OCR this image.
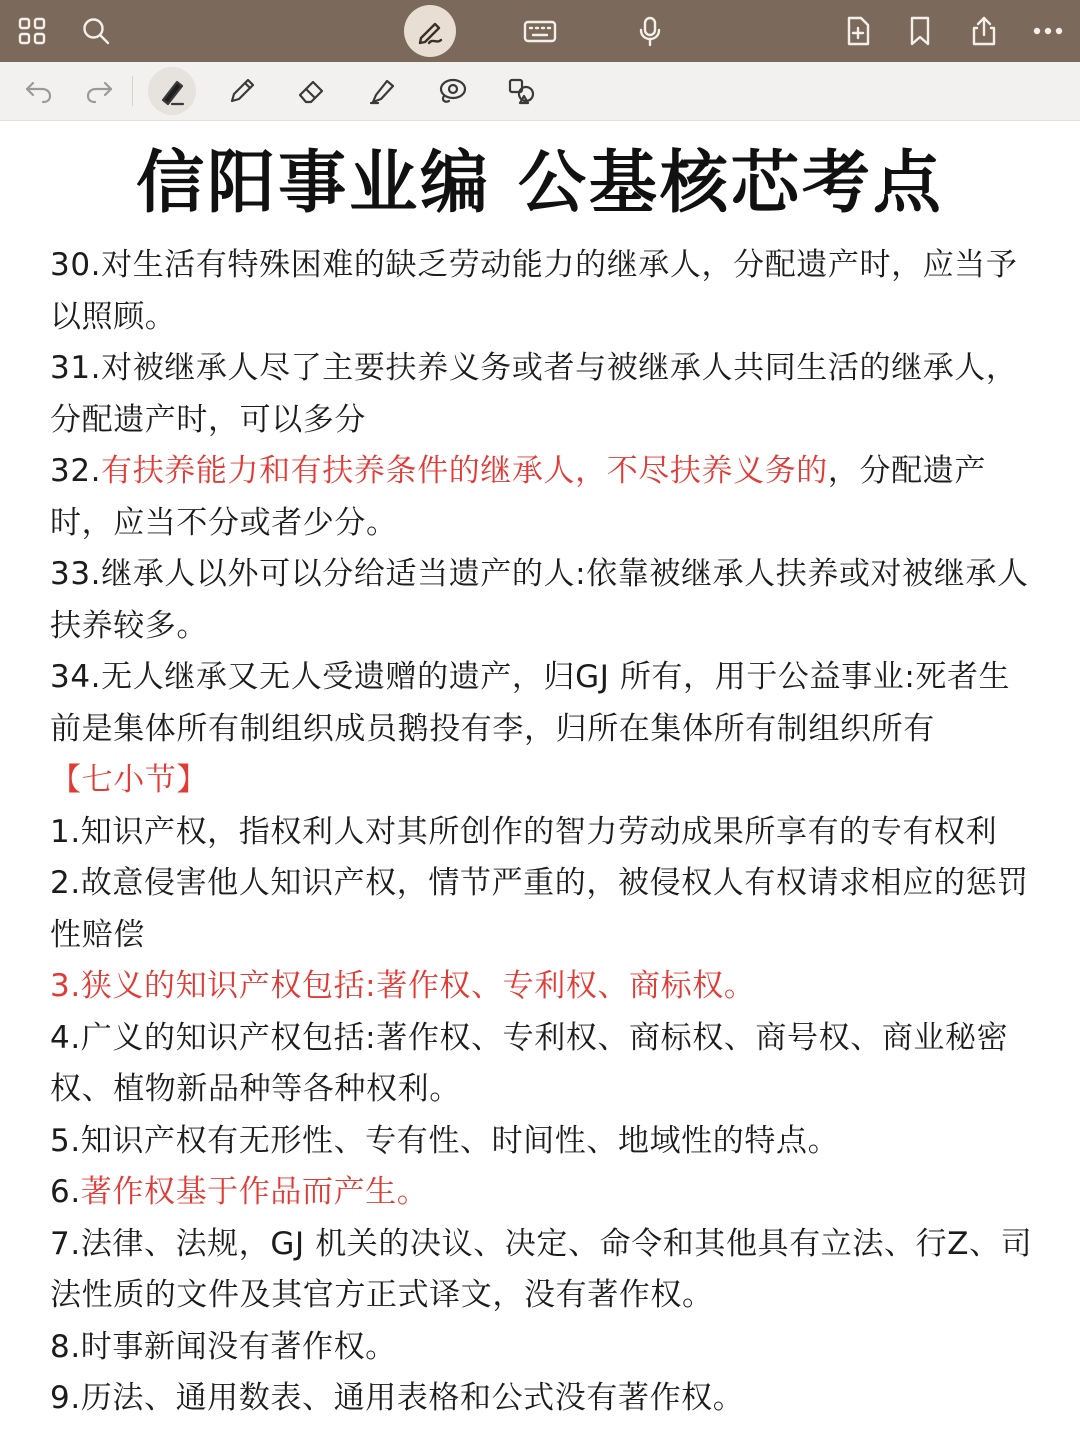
信阳事业编 公基核芯考点

30.对生活有特殊困难的缺乏劳动能力的继承人，分配遗产时，应当予以照顾。

31.对被继承人尽了主要扶养义务或者与被继承人共同生活的继承人，分配遗产时，可以多分

32.有扶养能力和有扶养条件的继承人，不尽扶养义务的，分配遗产时，应当不分或者少分。

33.继承人以外可以分给适当遗产的人:依靠被继承人扶养或对被继承人扶养较多。

34.无人继承又无人受遗赠的遗产，归GJ 所有，用于公益事业:死者生前是集体所有制组织成员鹅投有李，归所在集体所有制组织所有

【七小节】

1.知识产权，指权利人对其所创作的智力劳动成果所享有的专有权利

2.故意侵害他人知识产权，情节严重的，被侵权人有权请求相应的惩罚性赔偿

3.狭义的知识产权包括:著作权、专利权、商标权。

4.广义的知识产权包括:著作权、专利权、商标权、商号权、商业秘密权、植物新品种等各种权利。

5.知识产权有无形性、专有性、时间性、地域性的特点。

6.著作权基于作品而产生。

7.法律、法规，GJ 机关的决议、决定、命令和其他具有立法、行Z、司法性质的文件及其官方正式译文，没有著作权。

8.时事新闻没有著作权。

9.历法、通用数表、通用表格和公式没有著作权。
